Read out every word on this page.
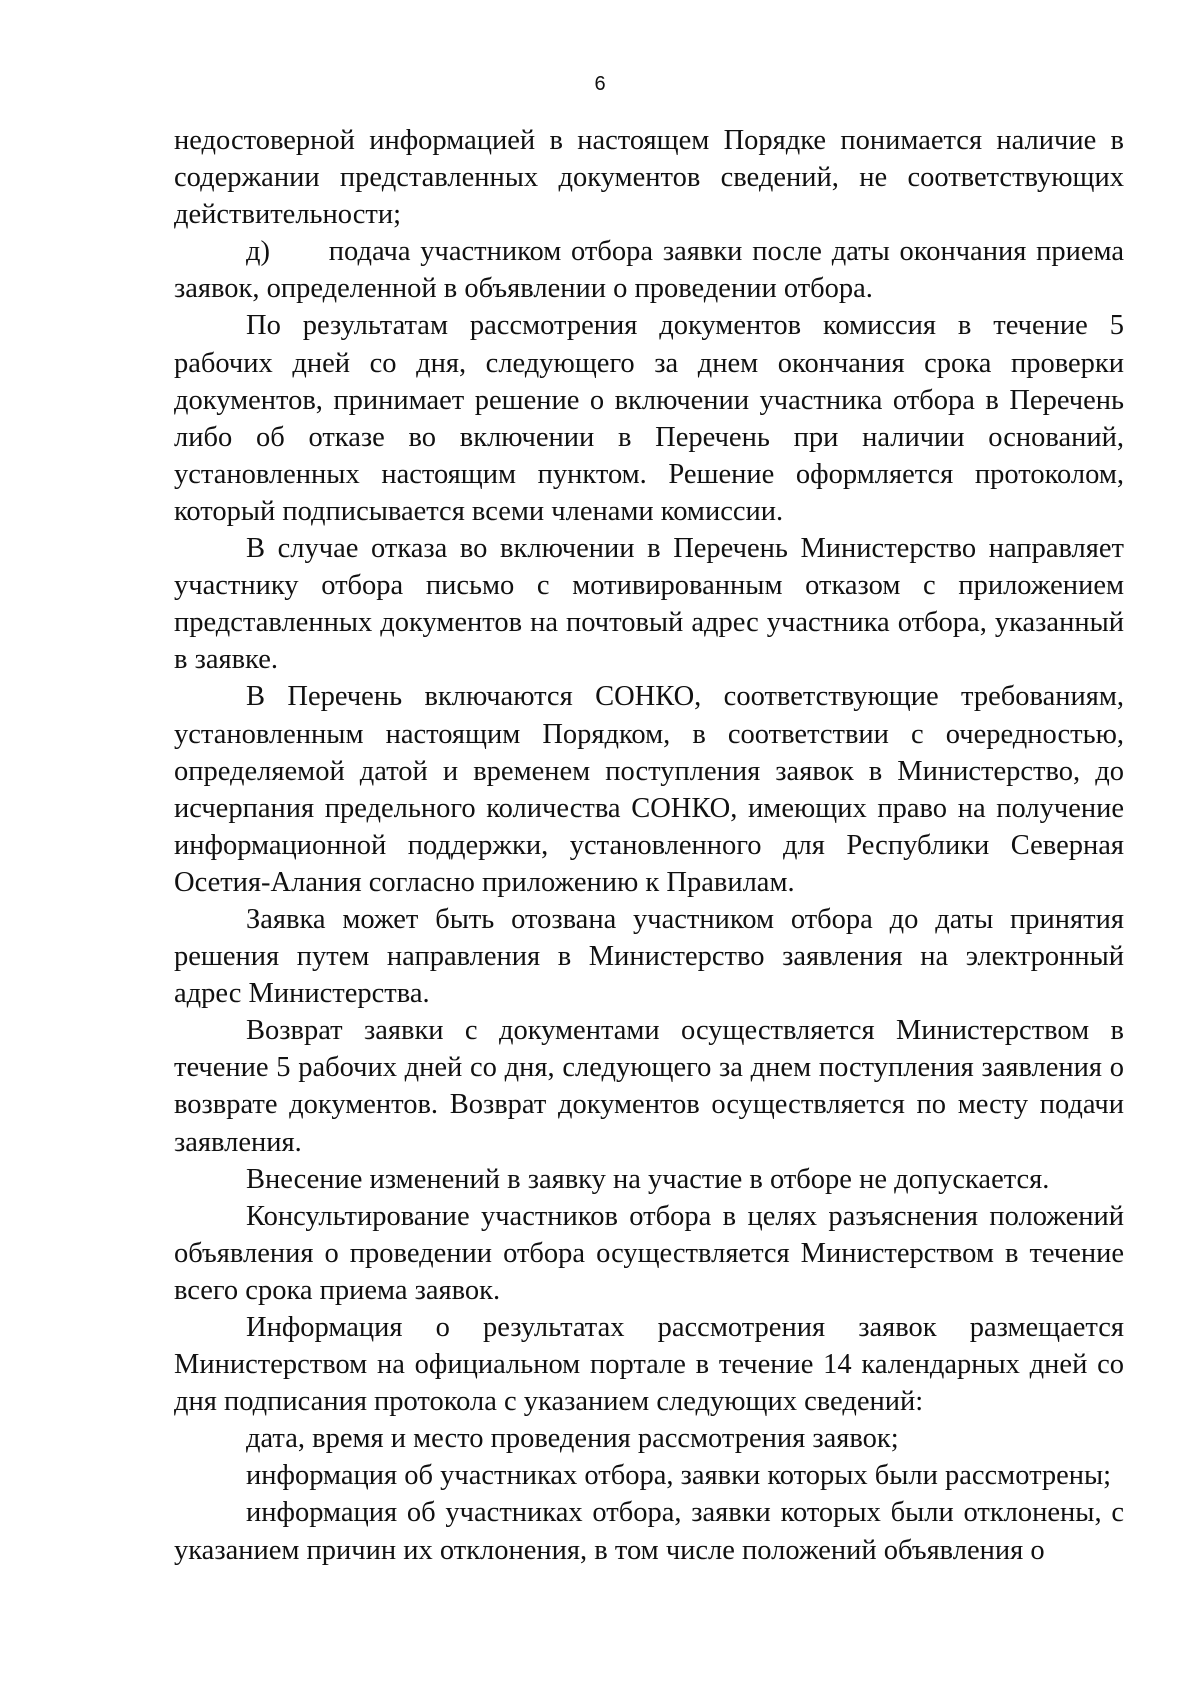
6

недостоверной информацией в настоящем Порядке понимается наличие в содержании представленных документов сведений, не соответствующих действительности;

д)      подача участником отбора заявки после даты окончания приема заявок, определенной в объявлении о проведении отбора.

По результатам рассмотрения документов комиссия в течение 5 рабочих дней со дня, следующего за днем окончания срока проверки документов, принимает решение о включении участника отбора в Перечень либо об отказе во включении в Перечень при наличии оснований, установленных настоящим пунктом. Решение оформляется протоколом, который подписывается всеми членами комиссии.

В случае отказа во включении в Перечень Министерство направляет участнику отбора письмо с мотивированным отказом с приложением представленных документов на почтовый адрес участника отбора, указанный в заявке.

В Перечень включаются СОНКО, соответствующие требованиям, установленным настоящим Порядком, в соответствии с очередностью, определяемой датой и временем поступления заявок в Министерство, до исчерпания предельного количества СОНКО, имеющих право на получение информационной поддержки, установленного для Республики Северная Осетия-Алания согласно приложению к Правилам.

Заявка может быть отозвана участником отбора до даты принятия решения путем направления в Министерство заявления на электронный адрес Министерства.

Возврат заявки с документами осуществляется Министерством в течение 5 рабочих дней со дня, следующего за днем поступления заявления о возврате документов. Возврат документов осуществляется по месту подачи заявления.

Внесение изменений в заявку на участие в отборе не допускается.

Консультирование участников отбора в целях разъяснения положений объявления о проведении отбора осуществляется Министерством в течение всего срока приема заявок.

Информация о результатах рассмотрения заявок размещается Министерством на официальном портале в течение 14 календарных дней со дня подписания протокола с указанием следующих сведений:

дата, время и место проведения рассмотрения заявок;

информация об участниках отбора, заявки которых были рассмотрены;

информация об участниках отбора, заявки которых были отклонены, с указанием причин их отклонения, в том числе положений объявления о
